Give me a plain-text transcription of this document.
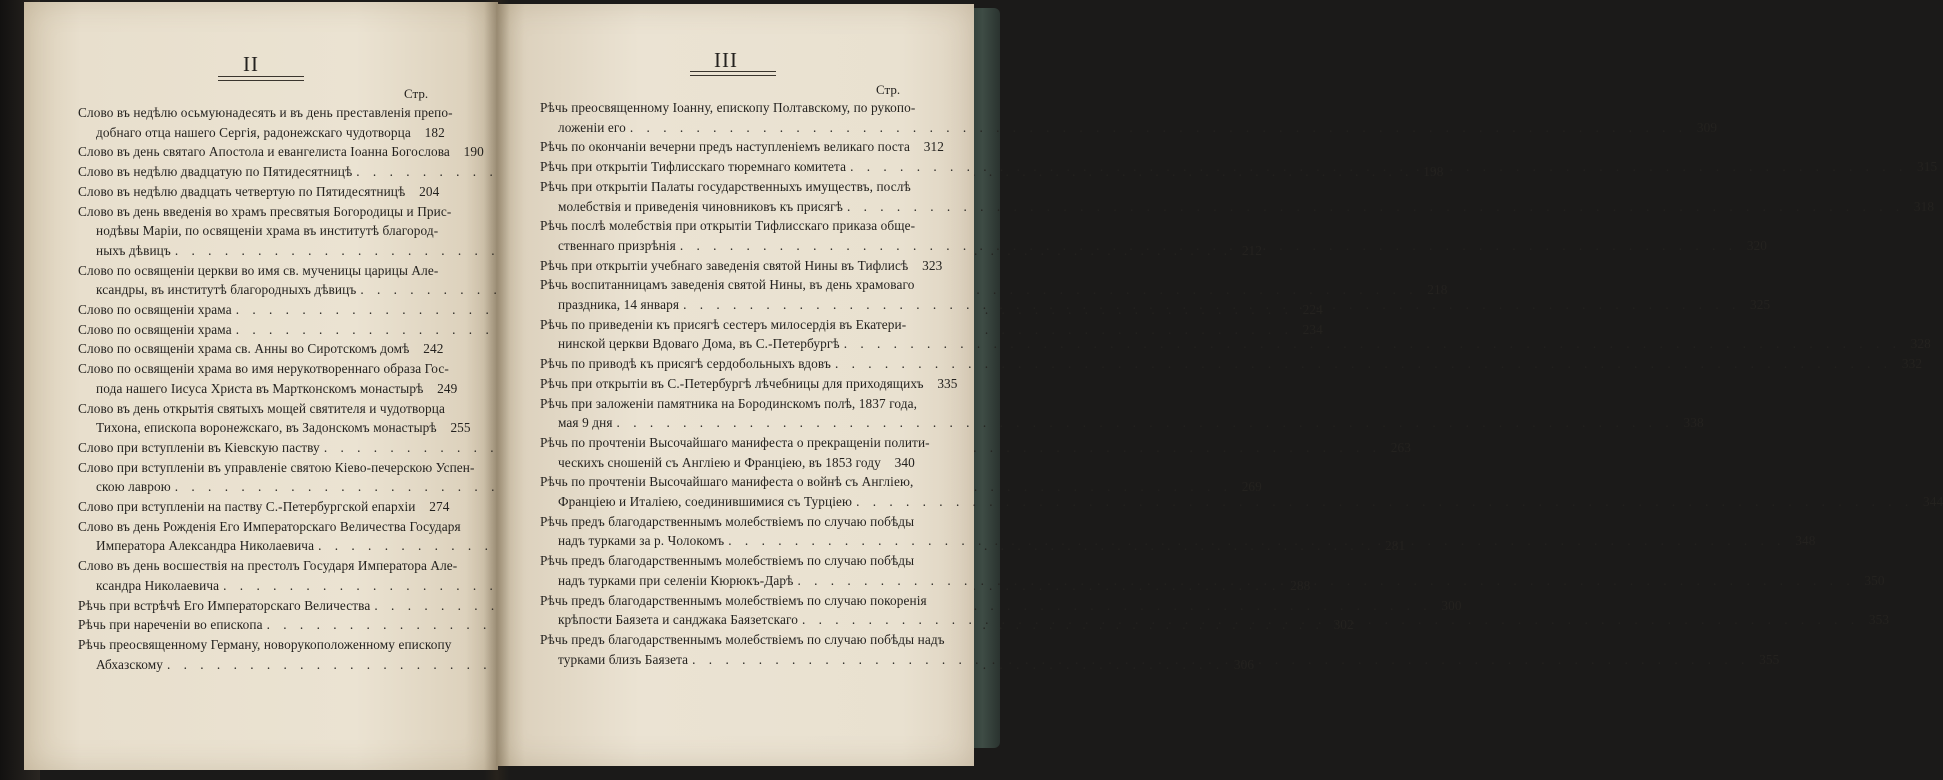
II
Стр.
Слово въ недѣлю осьмуюнадесять и въ день преставленія препо-
добнаго отца нашего Сергія, радонежскаго чудотворца	182
Слово въ день святаго Апостола и евангелиста Іоанна Богослова	190
Слово въ недѣлю двадцатую по Пятидесятницѣ . . .	198
Слово въ недѣлю двадцать четвертую по Пятидесятницѣ	204
Слово въ день введенія во храмъ пресвятыя Богородицы и Прис-
нодѣвы Маріи, по освященіи храма въ институтѣ благород-
ныхъ дѣвицъ . . .	212
Слово по освященіи церкви во имя св. мученицы царицы Але-
ксандры, въ институтѣ благородныхъ дѣвицъ . . .	218
Слово по освященіи храма . . .	224
Слово по освященіи храма . . .	234
Слово по освященіи храма св. Анны во Сиротскомъ домѣ	242
Слово по освященіи храма во имя нерукотвореннаго образа Гос-
пода нашего Іисуса Христа въ Мартконскомъ монастырѣ	249
Слово въ день открытія святыхъ мощей святителя и чудотворца
Тихона, епископа воронежскаго, въ Задонскомъ монастырѣ	255
Слово при вступленіи въ Кіевскую паству . . .	263
Слово при вступленіи въ управленіе святою Кіево-печерскою Успен-
скою лаврою . . .	269
Слово при вступленіи на паству С.-Петербургской епархіи	274
Слово въ день Рожденія Его Императорскаго Величества Государя
Императора Александра Николаевича . . .	281
Слово въ день восшествія на престолъ Государя Императора Але-
ксандра Николаевича . . .	288
Рѣчь при встрѣчѣ Его Императорскаго Величества . . .	300
Рѣчь при нареченіи во епископа . . .	302
Рѣчь преосвященному Герману, новорукоположенному епископу
Абхазскому . . .	306
III
Стр.
Рѣчь преосвященному Іоанну, епископу Полтавскому, по рукопо-
ложеніи его . . .	309
Рѣчь по окончаніи вечерни предъ наступленіемъ великаго поста	312
Рѣчь при открытіи Тифлисскаго тюремнаго комитета . . .	315
Рѣчь при открытіи Палаты государственныхъ имуществъ, послѣ
молебствія и приведенія чиновниковъ къ присягѣ . . .	318
Рѣчь послѣ молебствія при открытіи Тифлисскаго приказа обще-
ственнаго призрѣнія . . .	320
Рѣчь при открытіи учебнаго заведенія святой Нины въ Тифлисѣ	323
Рѣчь воспитанницамъ заведенія святой Нины, въ день храмоваго
праздника, 14 января . . .	325
Рѣчь по приведеніи къ присягѣ сестеръ милосердія въ Екатери-
нинской церкви Вдоваго Дома, въ С.-Петербургѣ . . .	328
Рѣчь по приводѣ къ присягѣ сердобольныхъ вдовъ . . .	332
Рѣчь при открытіи въ С.-Петербургѣ лѣчебницы для приходящихъ	335
Рѣчь при заложеніи памятника на Бородинскомъ полѣ, 1837 года,
мая 9 дня . . .	338
Рѣчь по прочтеніи Высочайшаго манифеста о прекращеніи полити-
ческихъ сношеній съ Англіею и Франціею, въ 1853 году	340
Рѣчь по прочтеніи Высочайшаго манифеста о войнѣ съ Англіею,
Франціею и Италіею, соединившимися съ Турціею . . .	344
Рѣчь предъ благодарственнымъ молебствіемъ по случаю побѣды
надъ турками за р. Чолокомъ . . .	348
Рѣчь предъ благодарственнымъ молебствіемъ по случаю побѣды
надъ турками при селеніи Кюрюкъ-Дарѣ . . .	350
Рѣчь предъ благодарственнымъ молебствіемъ по случаю покоренія
крѣпости Баязета и санджака Баязетскаго . . .	353
Рѣчь предъ благодарственнымъ молебствіемъ по случаю побѣды надъ
турками близъ Баязета . . .	355
